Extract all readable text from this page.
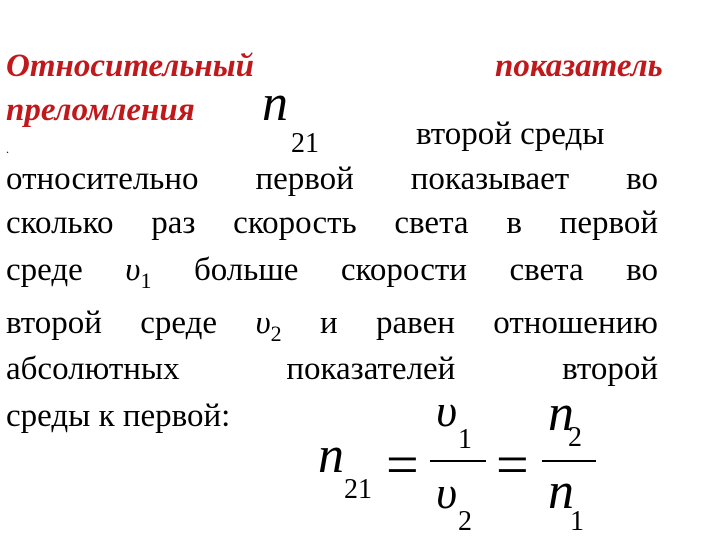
Относительный	показатель
преломления n
21	второй среды
.
относительно первой показывает во
сколько раз скорость света в первой
среде $\upsilon_1$ больше скорости света во
второй среде $\upsilon_2$ и равен отношению
абсолютных	показателей	второй
среды к первой:
n
21 =
υ
1
υ
2
=
n
2
n
1
